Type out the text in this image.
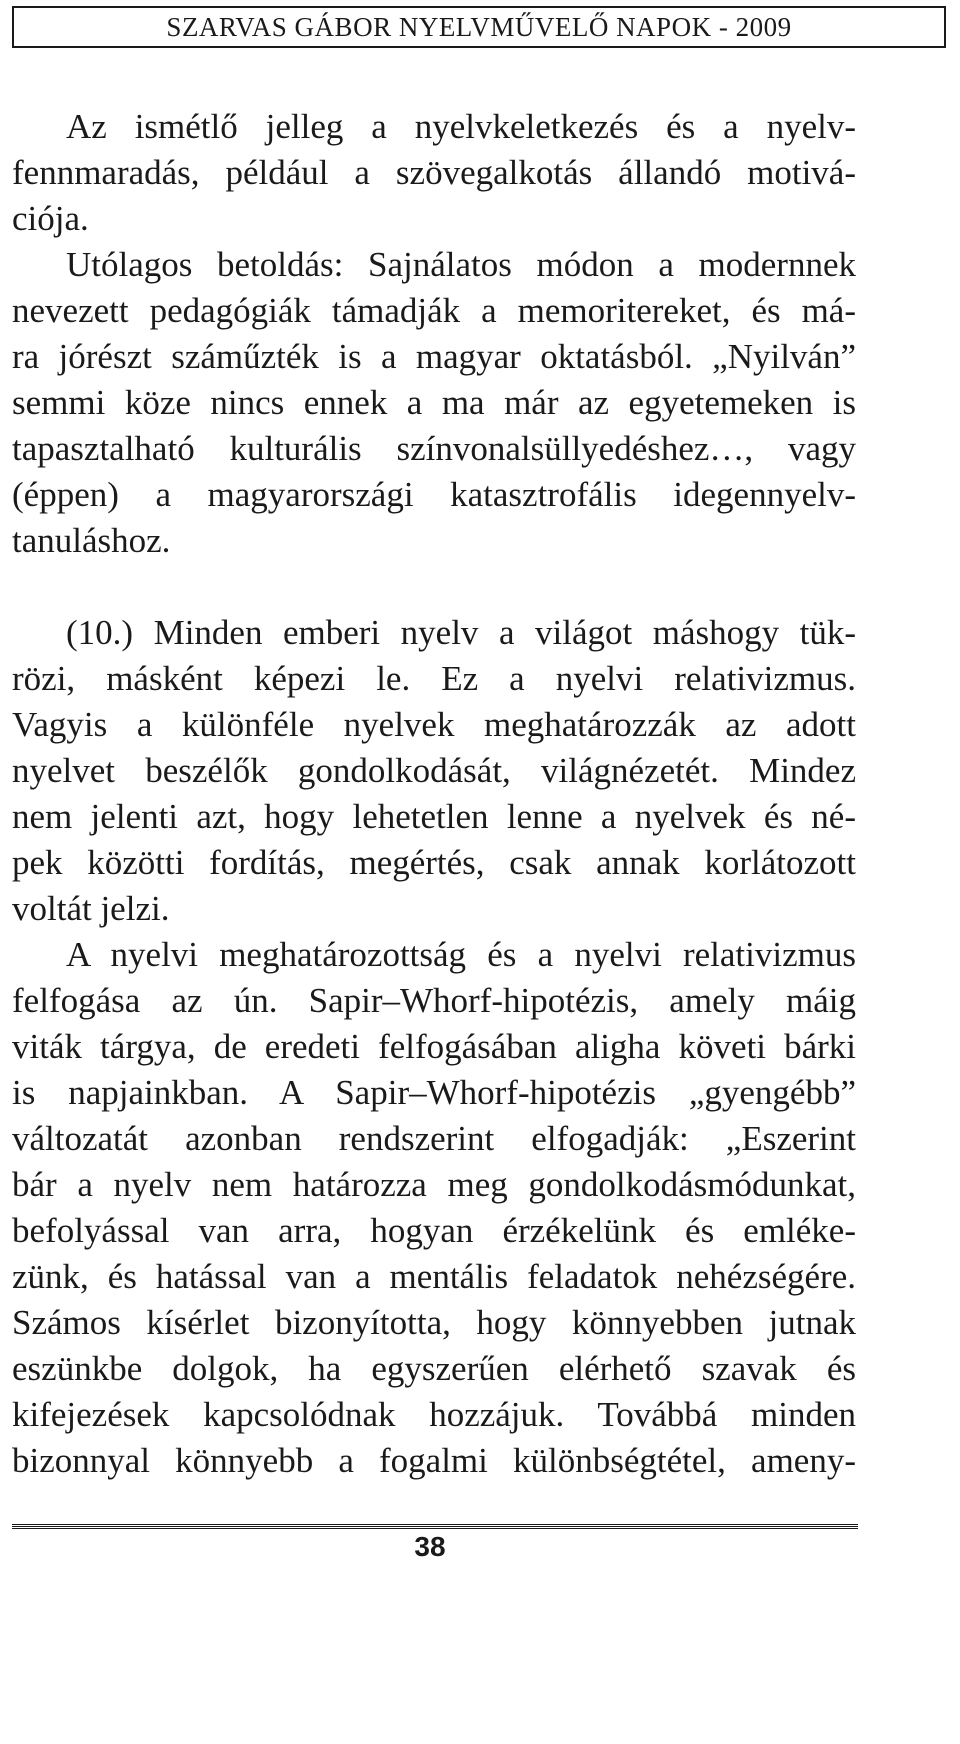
SZARVAS GÁBOR NYELVMŰVELŐ NAPOK - 2009
Az ismétlő jelleg a nyelvkeletkezés és a nyelv-
fennmaradás, például a szövegalkotás állandó motivá-
ciója.
Utólagos betoldás: Sajnálatos módon a modernnek
nevezett pedagógiák támadják a memoritereket, és má-
ra jórészt száműzték is a magyar oktatásból. „Nyilván”
semmi köze nincs ennek a ma már az egyetemeken is
tapasztalható kulturális színvonalsüllyedéshez…, vagy
(éppen) a magyarországi katasztrofális idegennyelv-
tanuláshoz.
(10.) Minden emberi nyelv a világot máshogy tük-
rözi, másként képezi le. Ez a nyelvi relativizmus.
Vagyis a különféle nyelvek meghatározzák az adott
nyelvet beszélők gondolkodását, világnézetét. Mindez
nem jelenti azt, hogy lehetetlen lenne a nyelvek és né-
pek közötti fordítás, megértés, csak annak korlátozott
voltát jelzi.
A nyelvi meghatározottság és a nyelvi relativizmus
felfogása az ún. Sapir–Whorf-hipotézis, amely máig
viták tárgya, de eredeti felfogásában aligha követi bárki
is napjainkban. A Sapir–Whorf-hipotézis „gyengébb”
változatát azonban rendszerint elfogadják: „Eszerint
bár a nyelv nem határozza meg gondolkodásmódunkat,
befolyással van arra, hogyan érzékelünk és emléke-
zünk, és hatással van a mentális feladatok nehézségére.
Számos kísérlet bizonyította, hogy könnyebben jutnak
eszünkbe dolgok, ha egyszerűen elérhető szavak és
kifejezések kapcsolódnak hozzájuk. Továbbá minden
bizonnyal könnyebb a fogalmi különbségtétel, ameny-
38
